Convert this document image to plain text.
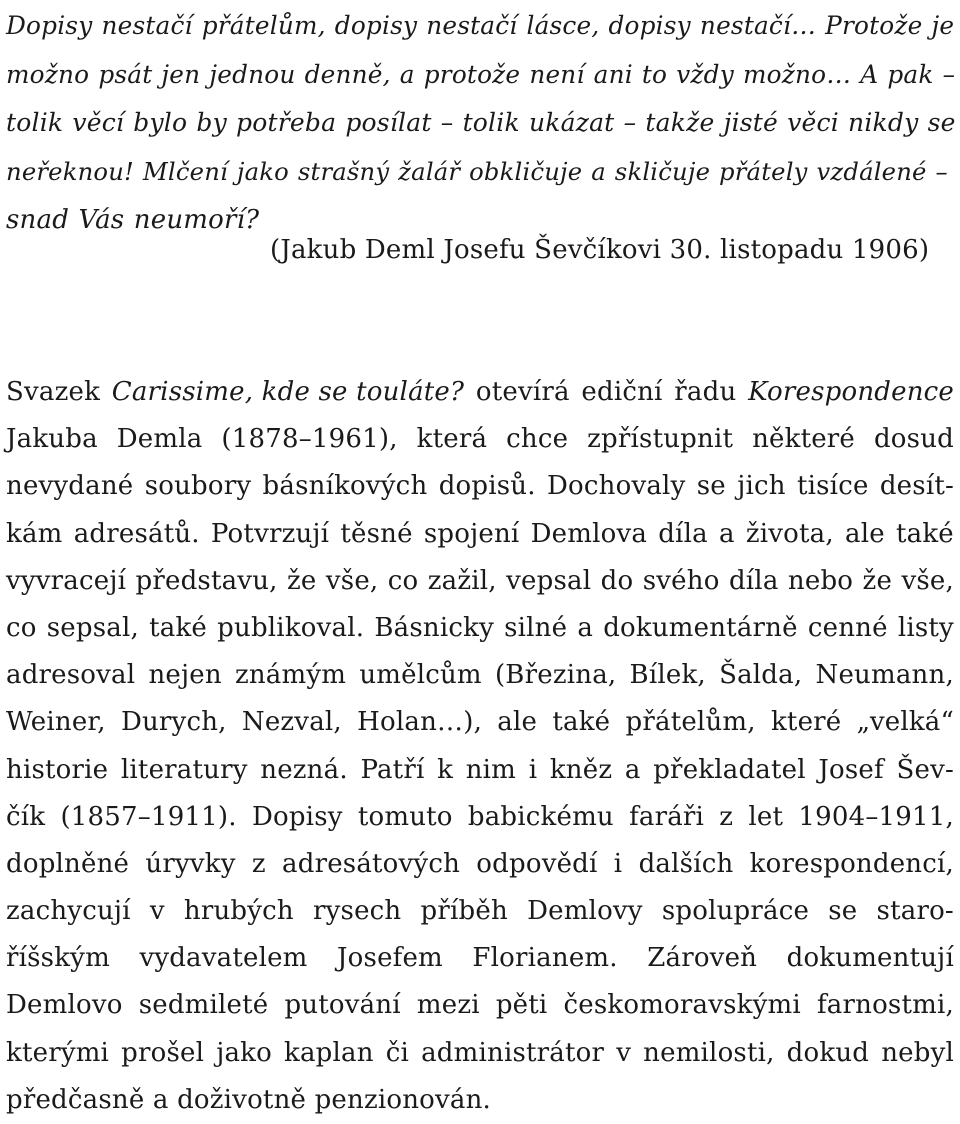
Dopisy nestačí přátelům, dopisy nestačí lásce, dopisy nestačí… Protože je
možno psát jen jednou denně, a protože není ani to vždy možno… A pak –
tolik věcí bylo by potřeba posílat – tolik ukázat – takže jisté věci nikdy se
neřeknou! Mlčení jako strašný žalář obkličuje a skličuje přátely vzdálené –
snad Vás neumoří?
(Jakub Deml Josefu Ševčíkovi 30. listopadu 1906)
Svazek Carissime, kde se touláte? otevírá ediční řadu Korespondence
Jakuba Demla (1878–1961), která chce zpřístupnit některé dosud
nevydané soubory básníkových dopisů. Dochovaly se jich tisíce desít-
kám adresátů. Potvrzují těsné spojení Demlova díla a života, ale také
vyvracejí představu, že vše, co zažil, vepsal do svého díla nebo že vše,
co sepsal, také publikoval. Básnicky silné a dokumentárně cenné listy
adresoval nejen známým umělcům (Březina, Bílek, Šalda, Neumann,
Weiner, Durych, Nezval, Holan…), ale také přátelům, které „velká“
historie literatury nezná. Patří k nim i kněz a překladatel Josef Šev-
čík (1857–1911). Dopisy tomuto babickému faráři z let 1904–1911,
doplněné úryvky z adresátových odpovědí i dalších korespondencí,
zachycují v hrubých rysech příběh Demlovy spolupráce se staro-
říšským vydavatelem Josefem Florianem. Zároveň dokumentují
Demlovo sedmileté putování mezi pěti českomoravskými farnostmi,
kterými prošel jako kaplan či administrátor v nemilosti, dokud nebyl
předčasně a doživotně penzionován.
